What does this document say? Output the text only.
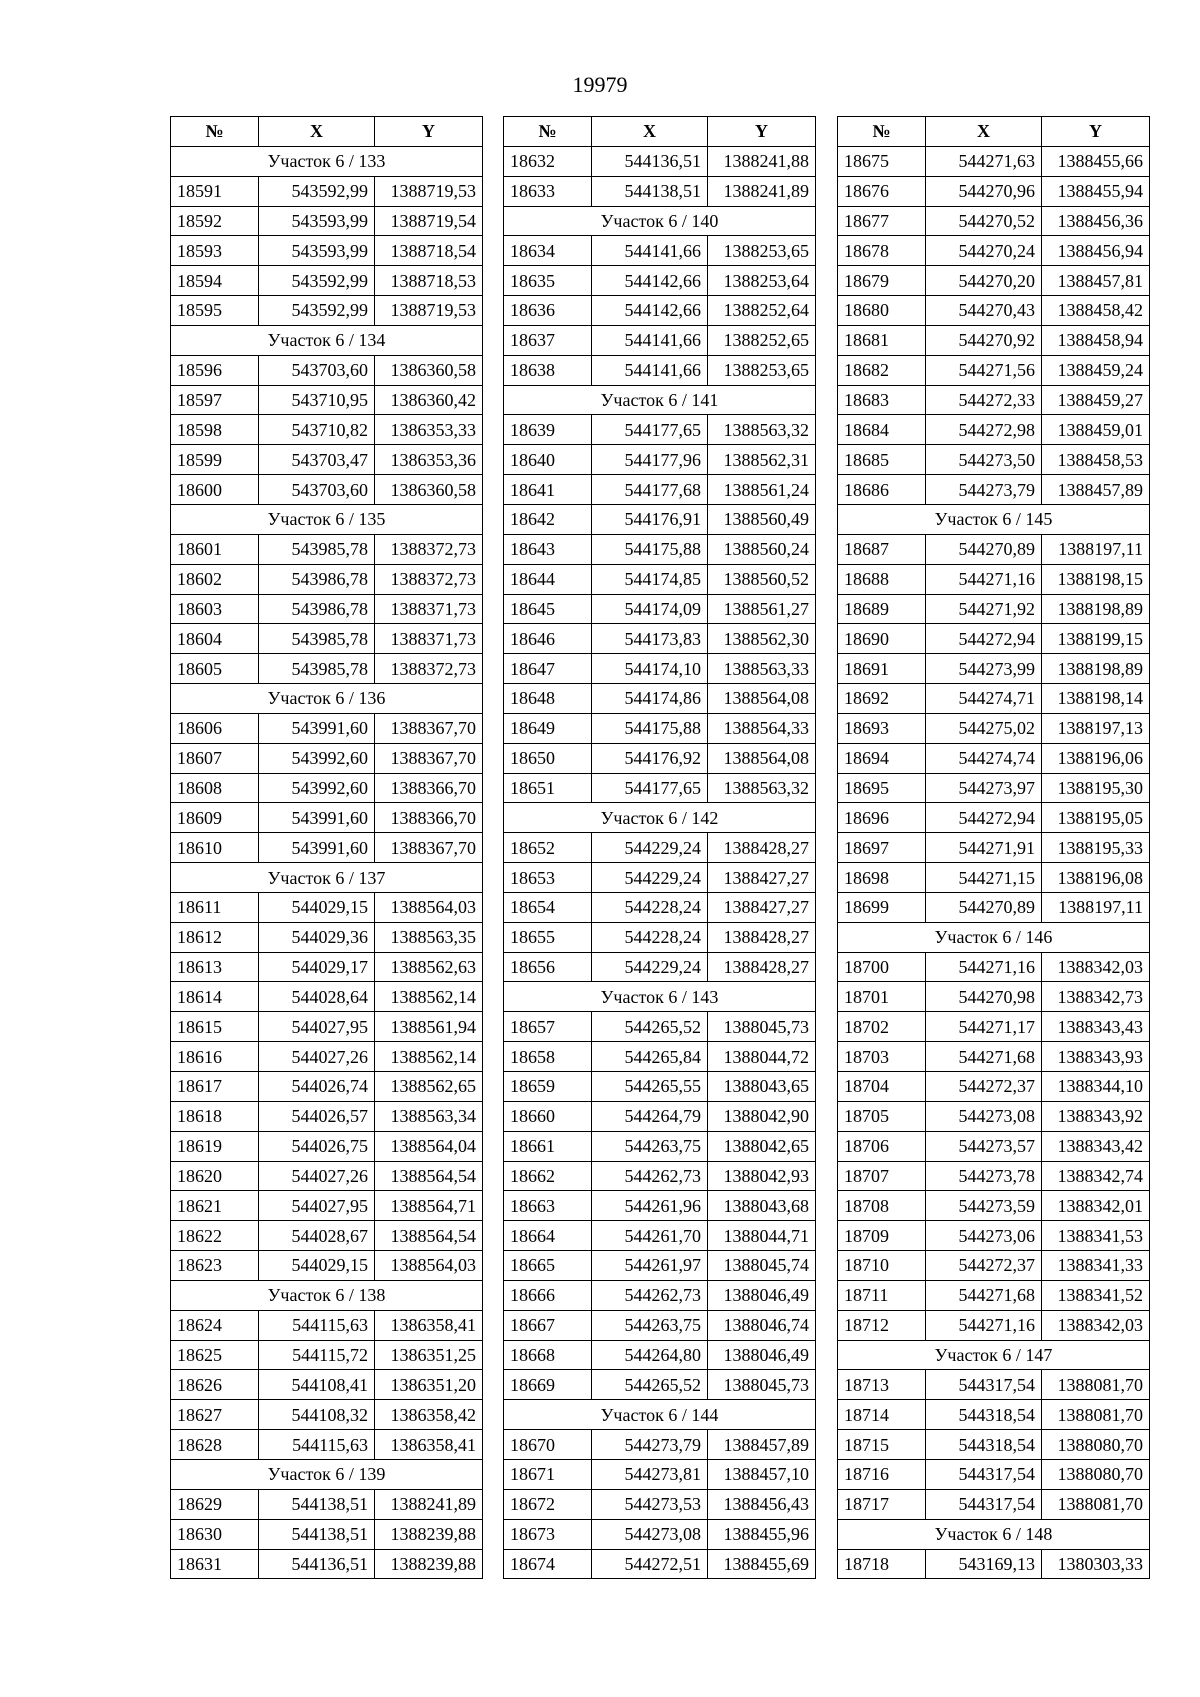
19979
№	X	Y
Участок 6 / 133		
18591	543592,99	1388719,53
18592	543593,99	1388719,54
18593	543593,99	1388718,54
18594	543592,99	1388718,53
18595	543592,99	1388719,53
Участок 6 / 134		
18596	543703,60	1386360,58
18597	543710,95	1386360,42
18598	543710,82	1386353,33
18599	543703,47	1386353,36
18600	543703,60	1386360,58
Участок 6 / 135		
18601	543985,78	1388372,73
18602	543986,78	1388372,73
18603	543986,78	1388371,73
18604	543985,78	1388371,73
18605	543985,78	1388372,73
Участок 6 / 136		
18606	543991,60	1388367,70
18607	543992,60	1388367,70
18608	543992,60	1388366,70
18609	543991,60	1388366,70
18610	543991,60	1388367,70
Участок 6 / 137		
18611	544029,15	1388564,03
18612	544029,36	1388563,35
18613	544029,17	1388562,63
18614	544028,64	1388562,14
18615	544027,95	1388561,94
18616	544027,26	1388562,14
18617	544026,74	1388562,65
18618	544026,57	1388563,34
18619	544026,75	1388564,04
18620	544027,26	1388564,54
18621	544027,95	1388564,71
18622	544028,67	1388564,54
18623	544029,15	1388564,03
Участок 6 / 138		
18624	544115,63	1386358,41
18625	544115,72	1386351,25
18626	544108,41	1386351,20
18627	544108,32	1386358,42
18628	544115,63	1386358,41
Участок 6 / 139		
18629	544138,51	1388241,89
18630	544138,51	1388239,88
18631	544136,51	1388239,88
№	X	Y
18632	544136,51	1388241,88
18633	544138,51	1388241,89
Участок 6 / 140		
18634	544141,66	1388253,65
18635	544142,66	1388253,64
18636	544142,66	1388252,64
18637	544141,66	1388252,65
18638	544141,66	1388253,65
Участок 6 / 141		
18639	544177,65	1388563,32
18640	544177,96	1388562,31
18641	544177,68	1388561,24
18642	544176,91	1388560,49
18643	544175,88	1388560,24
18644	544174,85	1388560,52
18645	544174,09	1388561,27
18646	544173,83	1388562,30
18647	544174,10	1388563,33
18648	544174,86	1388564,08
18649	544175,88	1388564,33
18650	544176,92	1388564,08
18651	544177,65	1388563,32
Участок 6 / 142		
18652	544229,24	1388428,27
18653	544229,24	1388427,27
18654	544228,24	1388427,27
18655	544228,24	1388428,27
18656	544229,24	1388428,27
Участок 6 / 143		
18657	544265,52	1388045,73
18658	544265,84	1388044,72
18659	544265,55	1388043,65
18660	544264,79	1388042,90
18661	544263,75	1388042,65
18662	544262,73	1388042,93
18663	544261,96	1388043,68
18664	544261,70	1388044,71
18665	544261,97	1388045,74
18666	544262,73	1388046,49
18667	544263,75	1388046,74
18668	544264,80	1388046,49
18669	544265,52	1388045,73
Участок 6 / 144		
18670	544273,79	1388457,89
18671	544273,81	1388457,10
18672	544273,53	1388456,43
18673	544273,08	1388455,96
18674	544272,51	1388455,69
№	X	Y
18675	544271,63	1388455,66
18676	544270,96	1388455,94
18677	544270,52	1388456,36
18678	544270,24	1388456,94
18679	544270,20	1388457,81
18680	544270,43	1388458,42
18681	544270,92	1388458,94
18682	544271,56	1388459,24
18683	544272,33	1388459,27
18684	544272,98	1388459,01
18685	544273,50	1388458,53
18686	544273,79	1388457,89
Участок 6 / 145		
18687	544270,89	1388197,11
18688	544271,16	1388198,15
18689	544271,92	1388198,89
18690	544272,94	1388199,15
18691	544273,99	1388198,89
18692	544274,71	1388198,14
18693	544275,02	1388197,13
18694	544274,74	1388196,06
18695	544273,97	1388195,30
18696	544272,94	1388195,05
18697	544271,91	1388195,33
18698	544271,15	1388196,08
18699	544270,89	1388197,11
Участок 6 / 146		
18700	544271,16	1388342,03
18701	544270,98	1388342,73
18702	544271,17	1388343,43
18703	544271,68	1388343,93
18704	544272,37	1388344,10
18705	544273,08	1388343,92
18706	544273,57	1388343,42
18707	544273,78	1388342,74
18708	544273,59	1388342,01
18709	544273,06	1388341,53
18710	544272,37	1388341,33
18711	544271,68	1388341,52
18712	544271,16	1388342,03
Участок 6 / 147		
18713	544317,54	1388081,70
18714	544318,54	1388081,70
18715	544318,54	1388080,70
18716	544317,54	1388080,70
18717	544317,54	1388081,70
Участок 6 / 148		
18718	543169,13	1380303,33
